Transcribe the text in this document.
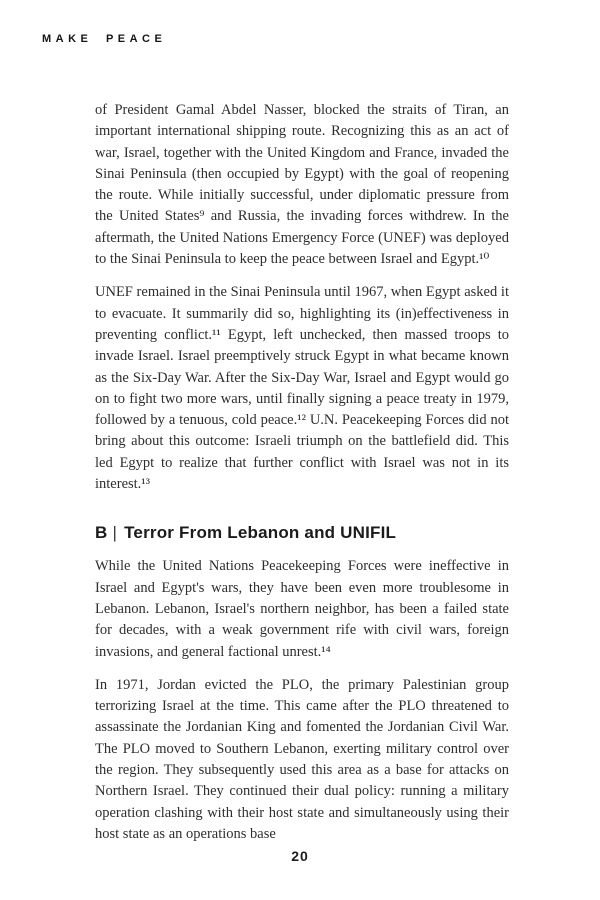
MAKE PEACE

of President Gamal Abdel Nasser, blocked the straits of Tiran, an important international shipping route. Recognizing this as an act of war, Israel, together with the United Kingdom and France, invaded the Sinai Peninsula (then occupied by Egypt) with the goal of reopening the route. While initially successful, under diplomatic pressure from the United States⁹ and Russia, the invading forces withdrew. In the aftermath, the United Nations Emergency Force (UNEF) was deployed to the Sinai Peninsula to keep the peace between Israel and Egypt.¹⁰

UNEF remained in the Sinai Peninsula until 1967, when Egypt asked it to evacuate. It summarily did so, highlighting its (in)effectiveness in preventing conflict.¹¹ Egypt, left unchecked, then massed troops to invade Israel. Israel preemptively struck Egypt in what became known as the Six-Day War. After the Six-Day War, Israel and Egypt would go on to fight two more wars, until finally signing a peace treaty in 1979, followed by a tenuous, cold peace.¹² U.N. Peacekeeping Forces did not bring about this outcome: Israeli triumph on the battlefield did. This led Egypt to realize that further conflict with Israel was not in its interest.¹³

B | Terror From Lebanon and UNIFIL

While the United Nations Peacekeeping Forces were ineffective in Israel and Egypt's wars, they have been even more troublesome in Lebanon. Lebanon, Israel's northern neighbor, has been a failed state for decades, with a weak government rife with civil wars, foreign invasions, and general factional unrest.¹⁴

In 1971, Jordan evicted the PLO, the primary Palestinian group terrorizing Israel at the time. This came after the PLO threatened to assassinate the Jordanian King and fomented the Jordanian Civil War. The PLO moved to Southern Lebanon, exerting military control over the region. They subsequently used this area as a base for attacks on Northern Israel. They continued their dual policy: running a military operation clashing with their host state and simultaneously using their host state as an operations base

20
